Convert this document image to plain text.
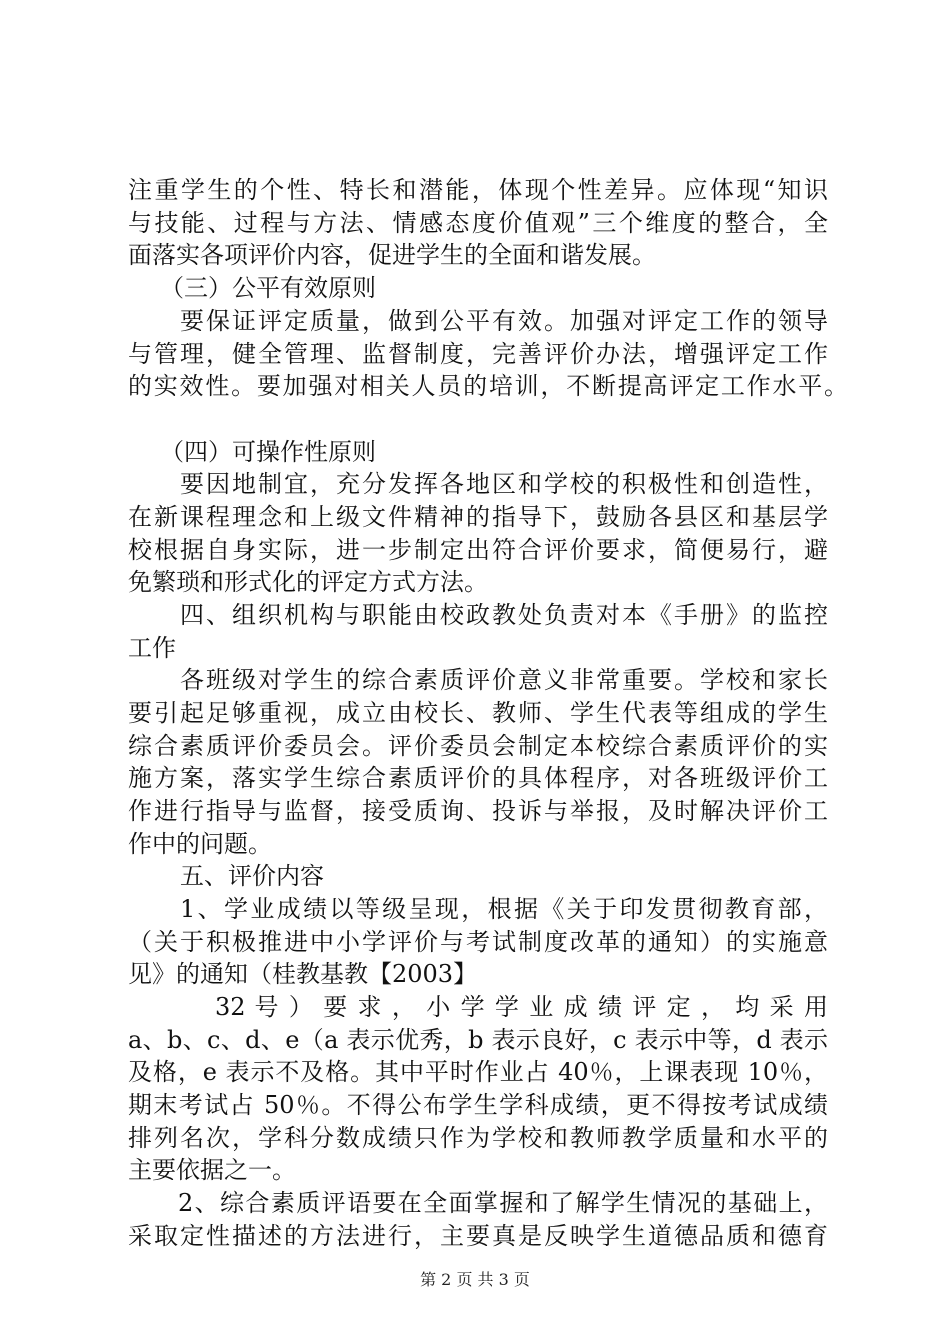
注重学生的个性、特长和潜能，体现个性差异。应体现“知识
与技能、过程与方法、情感态度价值观”三个维度的整合，全
面落实各项评价内容，促进学生的全面和谐发展。
（三）公平有效原则
要保证评定质量，做到公平有效。加强对评定工作的领导
与管理，健全管理、监督制度，完善评价办法，增强评定工作
的实效性。要加强对相关人员的培训，不断提高评定工作水平。
（四）可操作性原则
要因地制宜，充分发挥各地区和学校的积极性和创造性，
在新课程理念和上级文件精神的指导下，鼓励各县区和基层学
校根据自身实际，进一步制定出符合评价要求，简便易行，避
免繁琐和形式化的评定方式方法。
四、组织机构与职能由校政教处负责对本《手册》的监控
工作
各班级对学生的综合素质评价意义非常重要。学校和家长
要引起足够重视，成立由校长、教师、学生代表等组成的学生
综合素质评价委员会。评价委员会制定本校综合素质评价的实
施方案，落实学生综合素质评价的具体程序，对各班级评价工
作进行指导与监督，接受质询、投诉与举报，及时解决评价工
作中的问题。
五、评价内容
1、学业成绩以等级呈现，根据《关于印发贯彻教育部，
（关于积极推进中小学评价与考试制度改革的通知）的实施意
见》的通知（桂教基教【2003】
32 号 ） 要 求 ， 小 学 学 业 成 绩 评 定 ， 均 采 用
a、b、c、d、e（a 表示优秀，b 表示良好，c 表示中等，d 表示
及格，e 表示不及格。其中平时作业占 40％，上课表现 10％，
期末考试占 50％。不得公布学生学科成绩，更不得按考试成绩
排列名次，学科分数成绩只作为学校和教师教学质量和水平的
主要依据之一。
2、综合素质评语要在全面掌握和了解学生情况的基础上，
采取定性描述的方法进行，主要真是反映学生道德品质和德育
第 2 页 共 3 页
